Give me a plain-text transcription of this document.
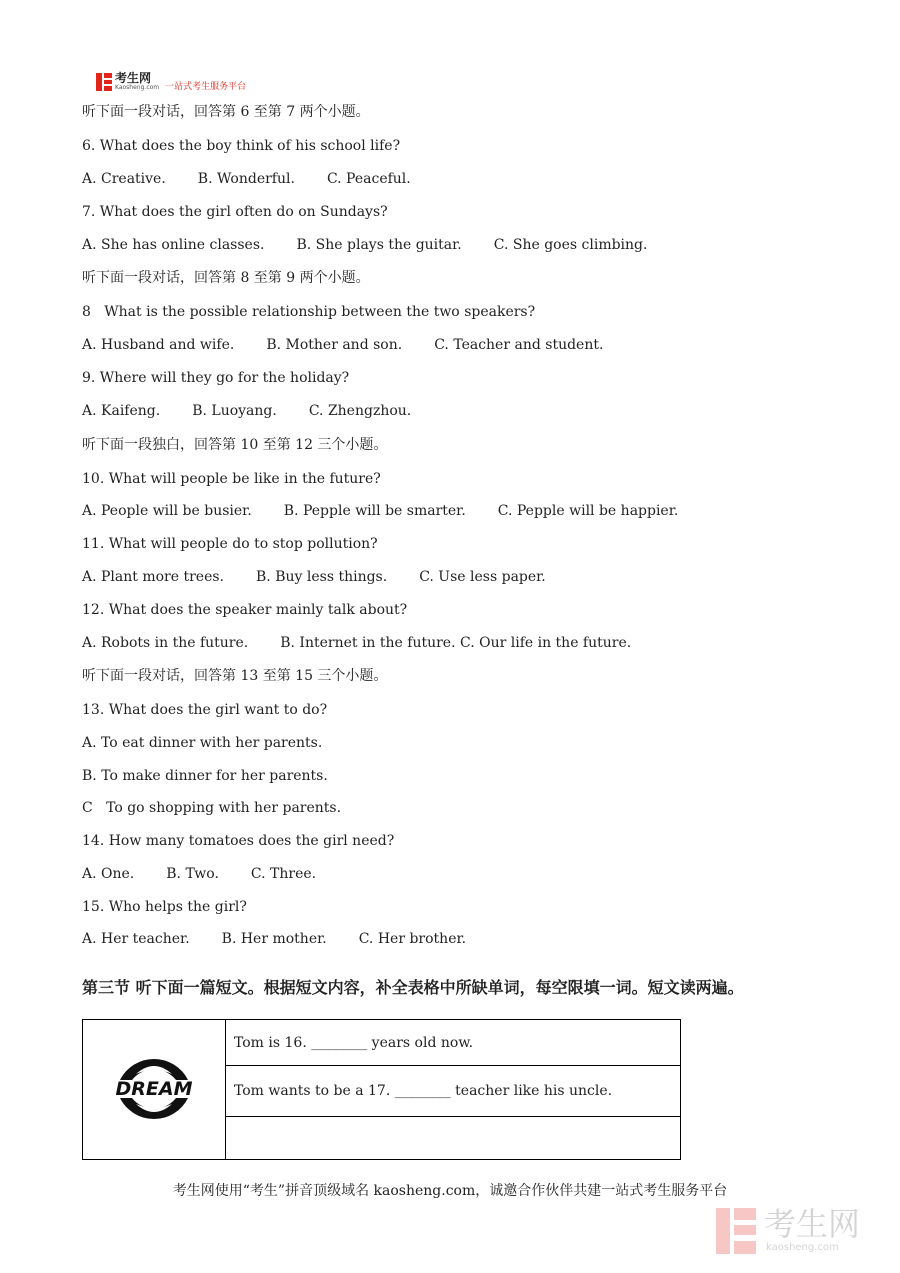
考生网
Kaosheng.com 一站式考生服务平台
听下面一段对话，回答第 6 至第 7 两个小题。
6. What does the boy think of his school life?
A. Creative. B. Wonderful. C. Peaceful.
7. What does the girl often do on Sundays?
A. She has online classes. B. She plays the guitar. C. She goes climbing.
听下面一段对话，回答第 8 至第 9 两个小题。
8   What is the possible relationship between the two speakers?
A. Husband and wife. B. Mother and son. C. Teacher and student.
9. Where will they go for the holiday?
A. Kaifeng. B. Luoyang. C. Zhengzhou.
听下面一段独白，回答第 10 至第 12 三个小题。
10. What will people be like in the future?
A. People will be busier. B. Pepple will be smarter. C. Pepple will be happier.
11. What will people do to stop pollution?
A. Plant more trees. B. Buy less things. C. Use less paper.
12. What does the speaker mainly talk about?
A. Robots in the future. B. Internet in the future. C. Our life in the future.
听下面一段对话，回答第 13 至第 15 三个小题。
13. What does the girl want to do?
A. To eat dinner with her parents.
B. To make dinner for her parents.
C   To go shopping with her parents.
14. How many tomatoes does the girl need?
A. One. B. Two. C. Three.
15. Who helps the girl?
A. Her teacher. B. Her mother. C. Her brother.
第三节 听下面一篇短文。根据短文内容，补全表格中所缺单词，每空限填一词。短文读两遍。
DREAM
	Tom is 16. ________ years old now.
Tom wants to be a 17. ________ teacher like his uncle.

考生网使用“考生”拼音顶级域名 kaosheng.com，诚邀合作伙伴共建一站式考生服务平台
考生网
kaosheng.com
